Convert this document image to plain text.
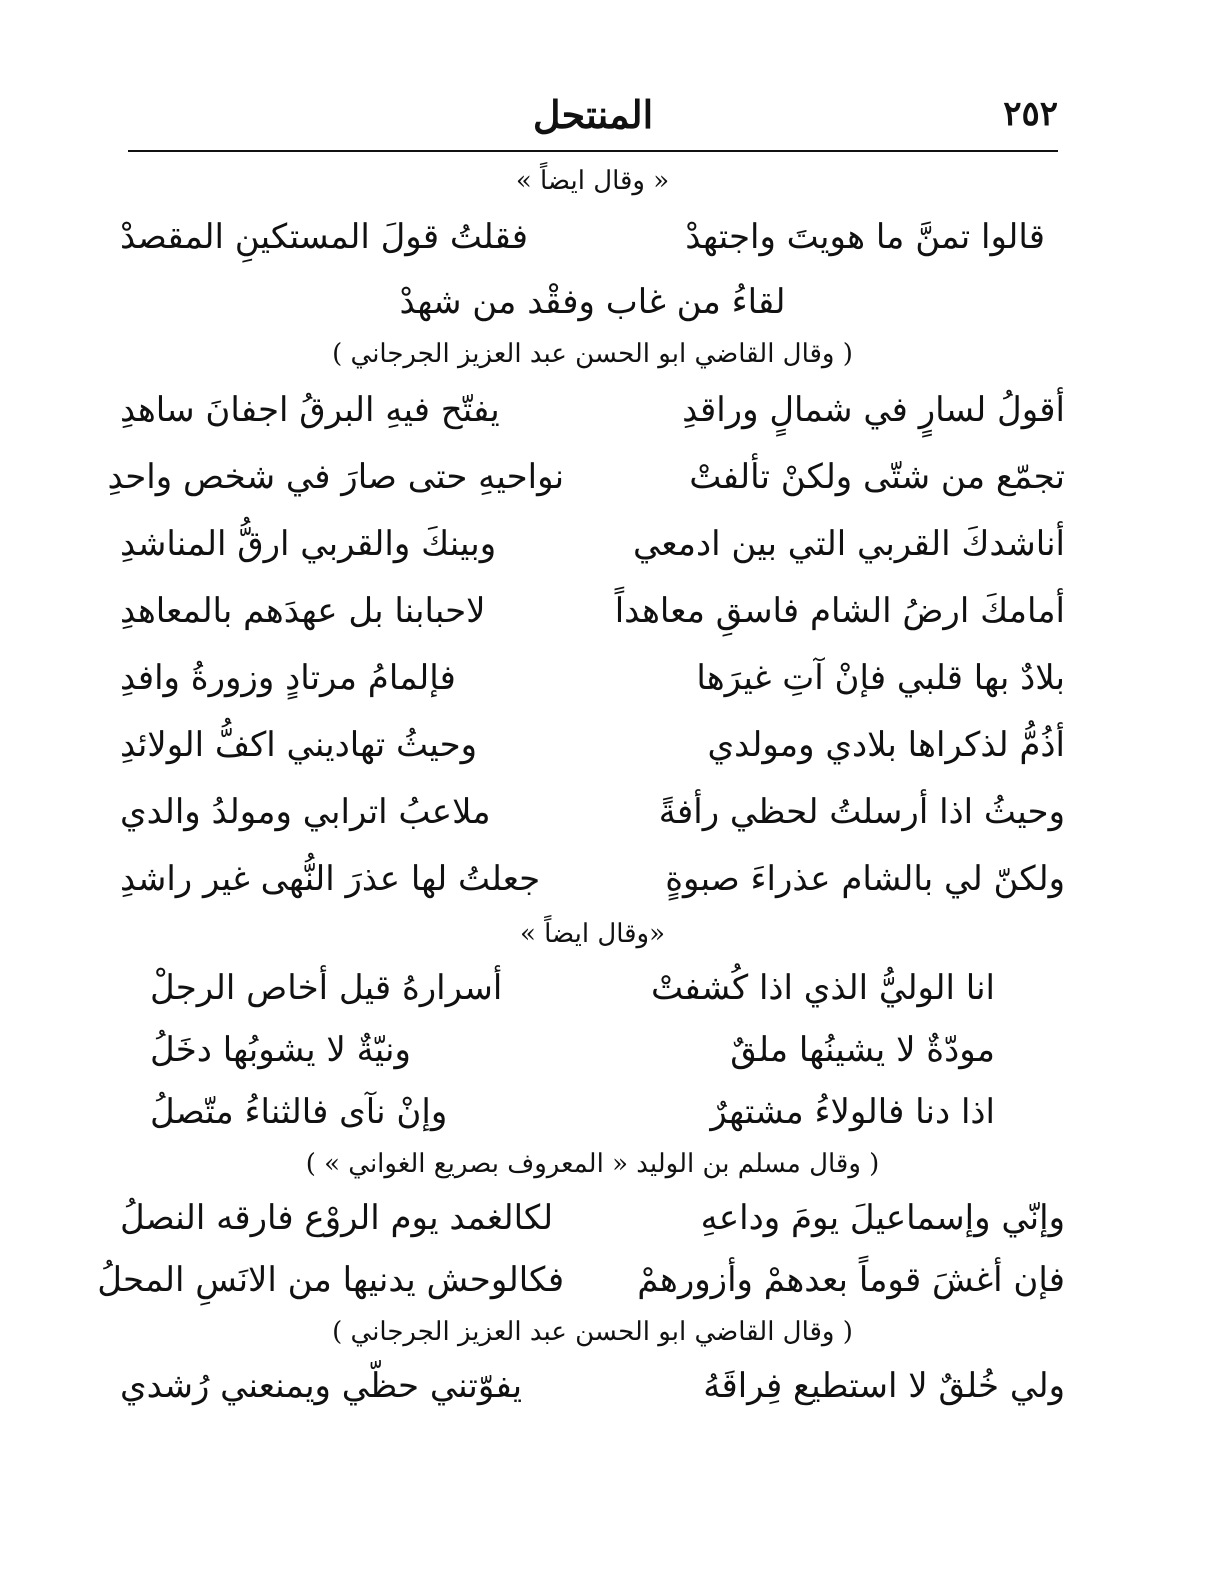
٢٥٢
المنتحل
« وقال ايضاً »
قالوا تمنَّ ما هويتَ واجتهدْ
فقلتُ قولَ المستكينِ المقصدْ
لقاءُ من غاب وفقْد من شهدْ
( وقال القاضي ابو الحسن عبد العزيز الجرجاني )
أقولُ لسارٍ في شمالٍ وراقدِ
يفتّح فيهِ البرقُ اجفانَ ساهدِ
تجمّع من شتّى ولكنْ تألفتْ
نواحيهِ حتى صارَ في شخص واحدِ
أناشدكَ القربي التي بين ادمعي
وبينكَ والقربي ارقُّ المناشدِ
أمامكَ ارضُ الشام فاسقِ معاهداً
لاحبابنا بل عهدَهم بالمعاهدِ
بلادٌ بها قلبي فإنْ آتِ غيرَها
فإلمامُ مرتادٍ وزورةُ وافدِ
أذُمُّ لذكراها بلادي ومولدي
وحيثُ تهاديني اكفُّ الولائدِ
وحيثُ اذا أرسلتُ لحظي رأفةً
ملاعبُ اترابي ومولدُ والدي
ولكنّ لي بالشام عذراءَ صبوةٍ
جعلتُ لها عذرَ النُّهى غير راشدِ
«وقال ايضاً »
انا الوليُّ الذي اذا كُشفتْ
أسرارهُ قيل أخاص الرجلْ
مودّةٌ لا يشينُها ملقٌ
ونيّةٌ لا يشوبُها دخَلُ
اذا دنا فالولاءُ مشتهرٌ
وإنْ نآى فالثناءُ متّصلُ
( وقال مسلم بن الوليد « المعروف بصريع الغواني » )
وإنّي وإسماعيلَ يومَ وداعهِ
لكالغمد يوم الروْع فارقه النصلُ
فإن أغشَ قوماً بعدهمْ وأزورهمْ
فكالوحش يدنيها من الانَسِ المحلُ
( وقال القاضي ابو الحسن عبد العزيز الجرجاني )
ولي خُلقٌ لا استطيع فِراقَهُ
يفوّتني حظّي ويمنعني رُشدي
